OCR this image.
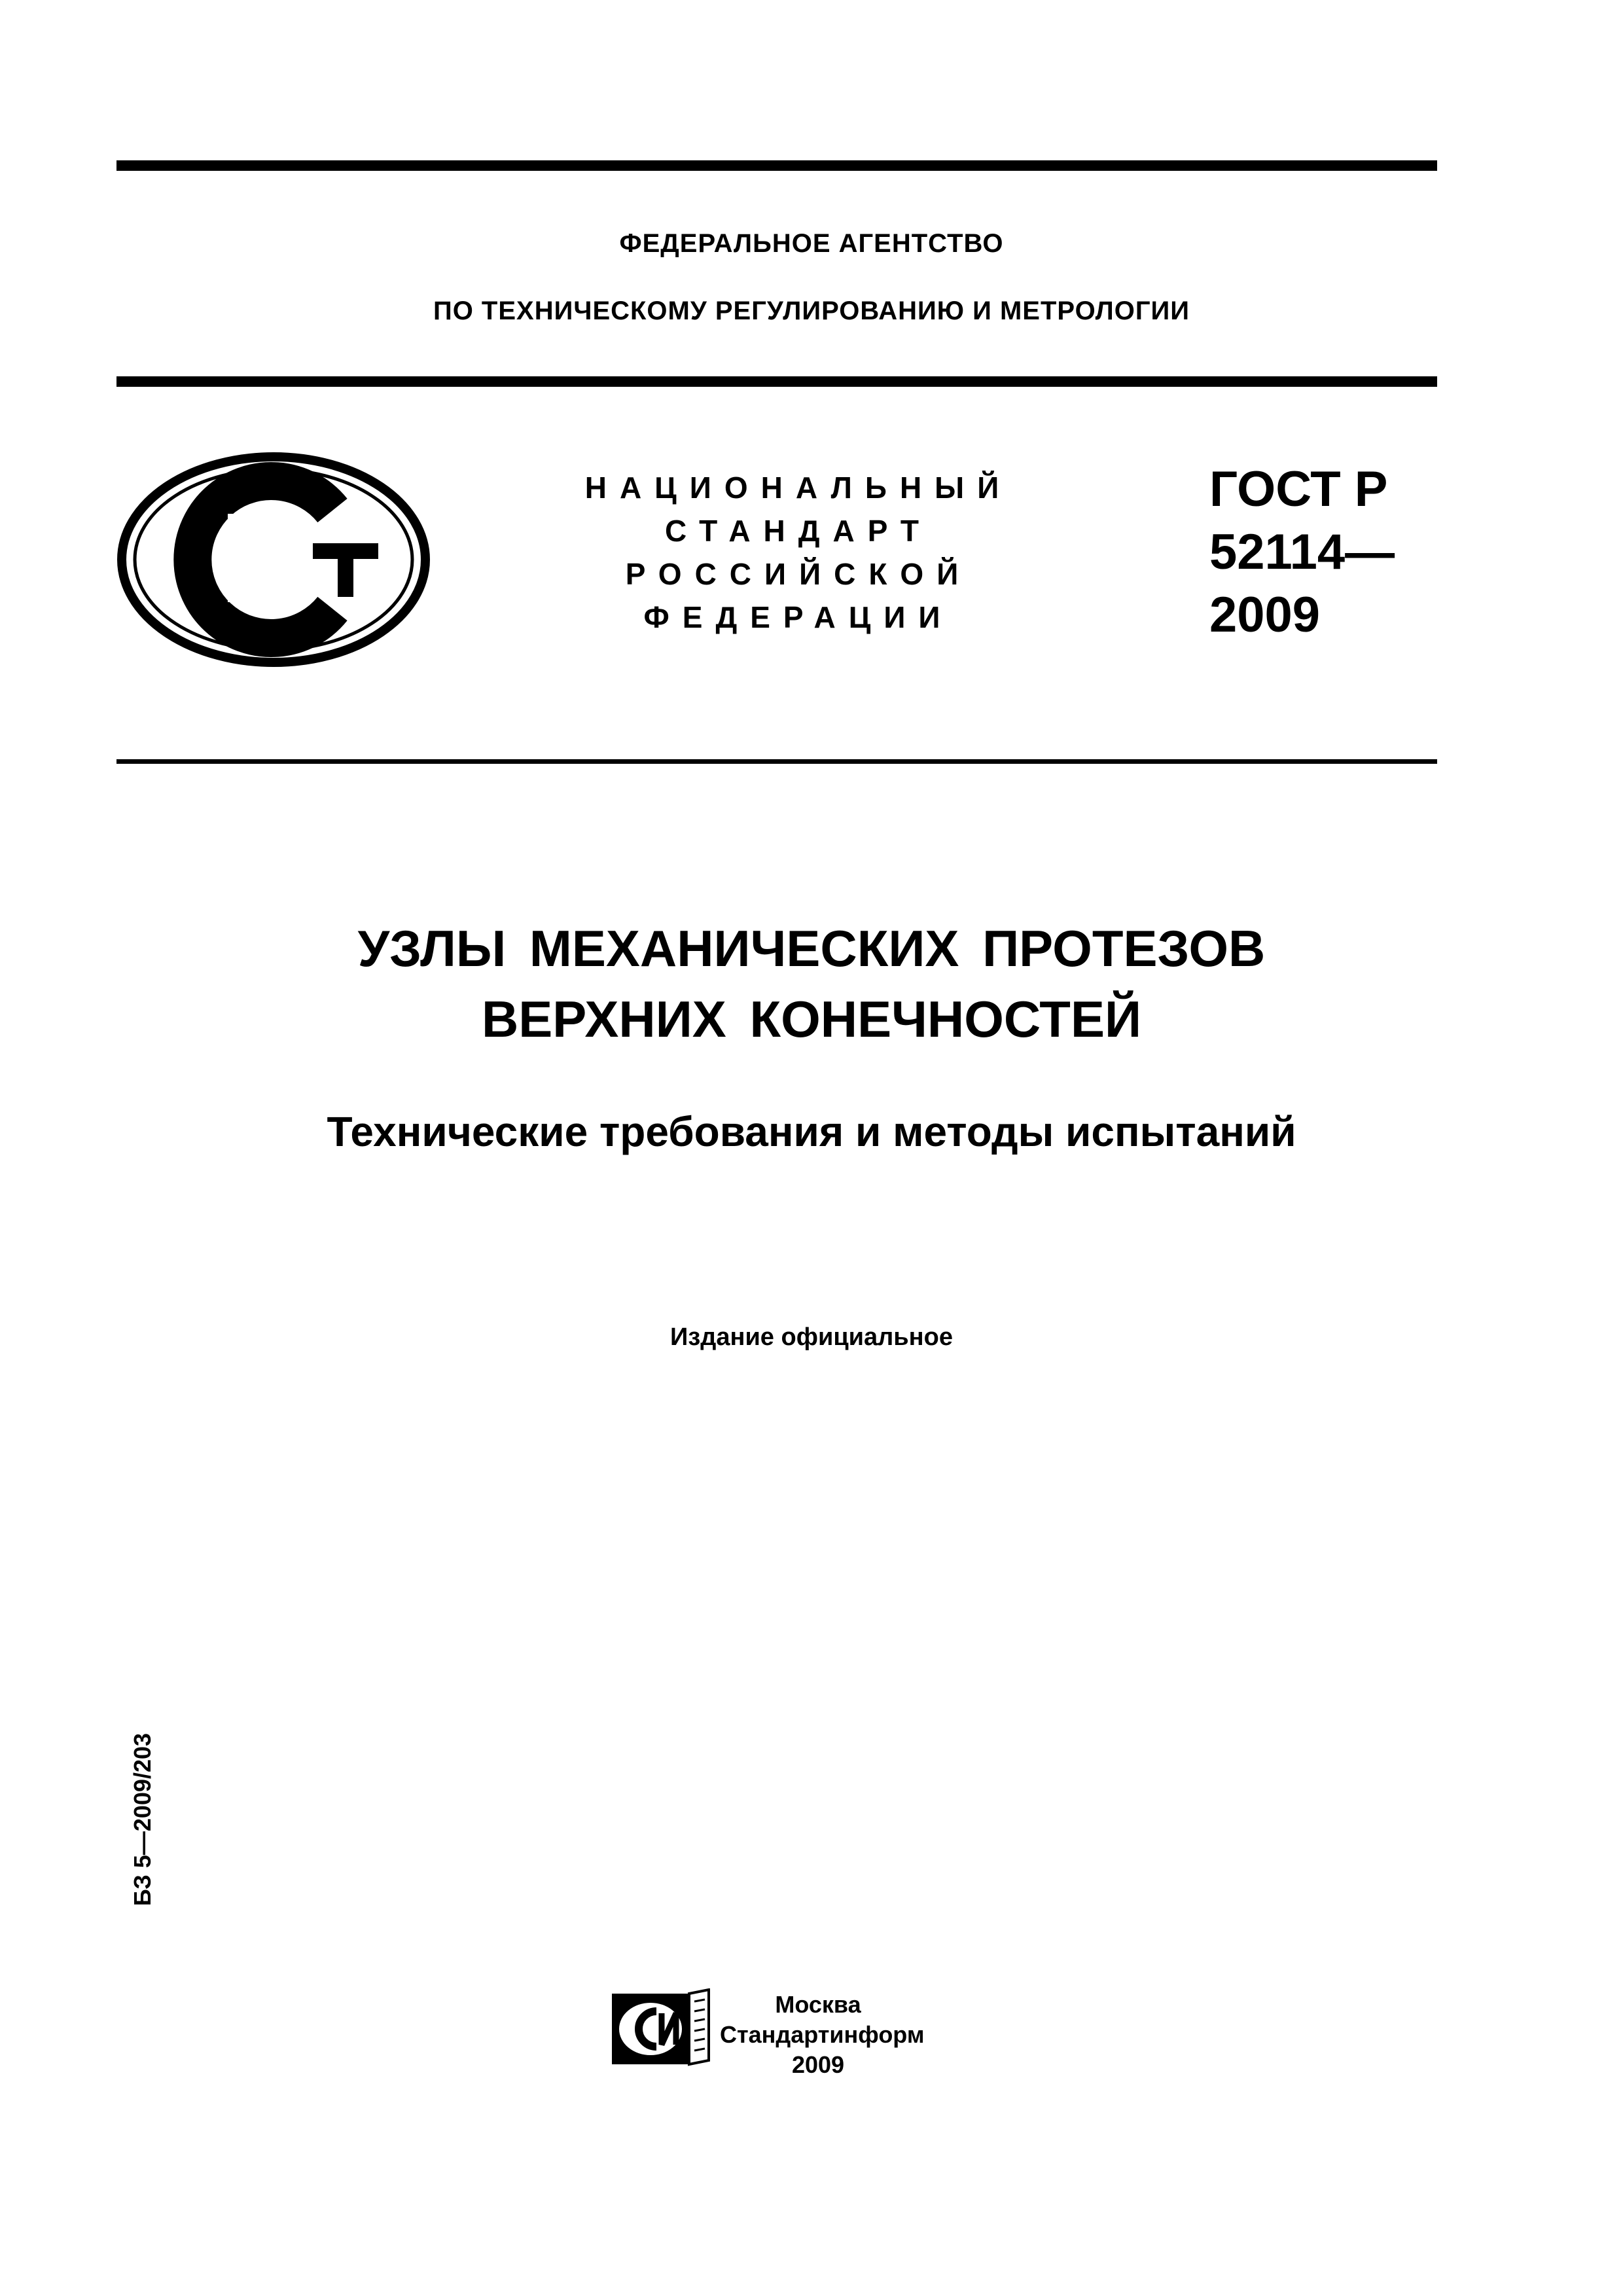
ФЕДЕРАЛЬНОЕ АГЕНТСТВО
ПО ТЕХНИЧЕСКОМУ РЕГУЛИРОВАНИЮ И МЕТРОЛОГИИ
НАЦИОНАЛЬНЫЙ
СТАНДАРТ
РОССИЙСКОЙ
ФЕДЕРАЦИИ
ГОСТ Р
52114—
2009
УЗЛЫ МЕХАНИЧЕСКИХ ПРОТЕЗОВ
ВЕРХНИХ КОНЕЧНОСТЕЙ
Технические требования и методы испытаний
Издание официальное
БЗ 5—2009/203
Москва
Стандартинформ
2009
